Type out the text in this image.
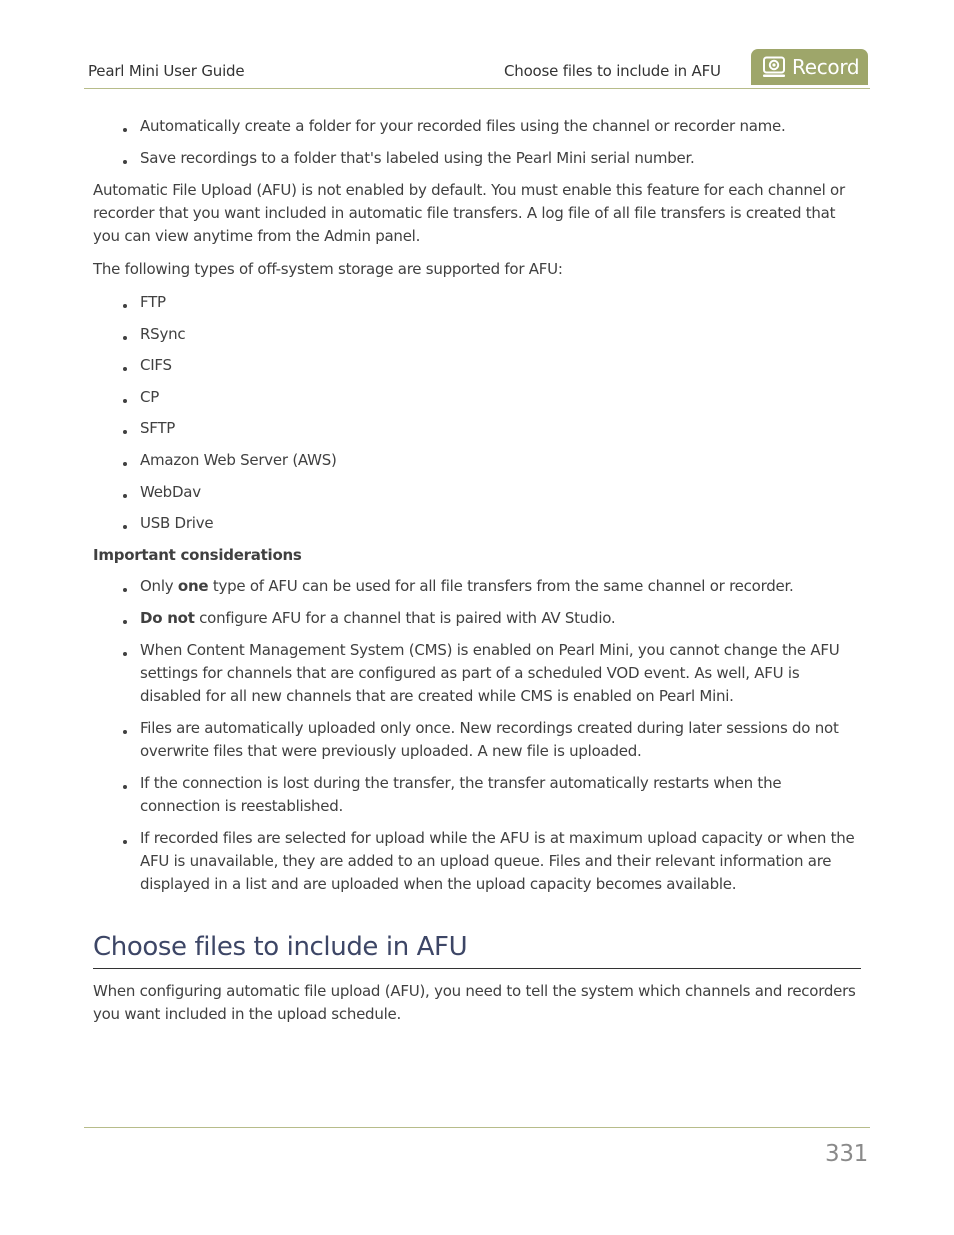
Pearl Mini User Guide	Choose files to include in AFU	Record
Automatically create a folder for your recorded files using the channel or recorder name.
Save recordings to a folder that's labeled using the Pearl Mini serial number.

Automatic File Upload (AFU) is not enabled by default. You must enable this feature for each channel or recorder that you want included in automatic file transfers. A log file of all file transfers is created that you can view anytime from the Admin panel.

The following types of off-system storage are supported for AFU:

FTP
RSync
CIFS
CP
SFTP
Amazon Web Server (AWS)
WebDav
USB Drive

Important considerations

Only one type of AFU can be used for all file transfers from the same channel or recorder.
Do not configure AFU for a channel that is paired with AV Studio.
When Content Management System (CMS) is enabled on Pearl Mini, you cannot change the AFU settings for channels that are configured as part of a scheduled VOD event. As well, AFU is disabled for all new channels that are created while CMS is enabled on Pearl Mini.
Files are automatically uploaded only once. New recordings created during later sessions do not overwrite files that were previously uploaded. A new file is uploaded.
If the connection is lost during the transfer, the transfer automatically restarts when the connection is reestablished.
If recorded files are selected for upload while the AFU is at maximum upload capacity or when the AFU is unavailable, they are added to an upload queue. Files and their relevant information are displayed in a list and are uploaded when the upload capacity becomes available.
Choose files to include in AFU

When configuring automatic file upload (AFU), you need to tell the system which channels and recorders you want included in the upload schedule.

331
